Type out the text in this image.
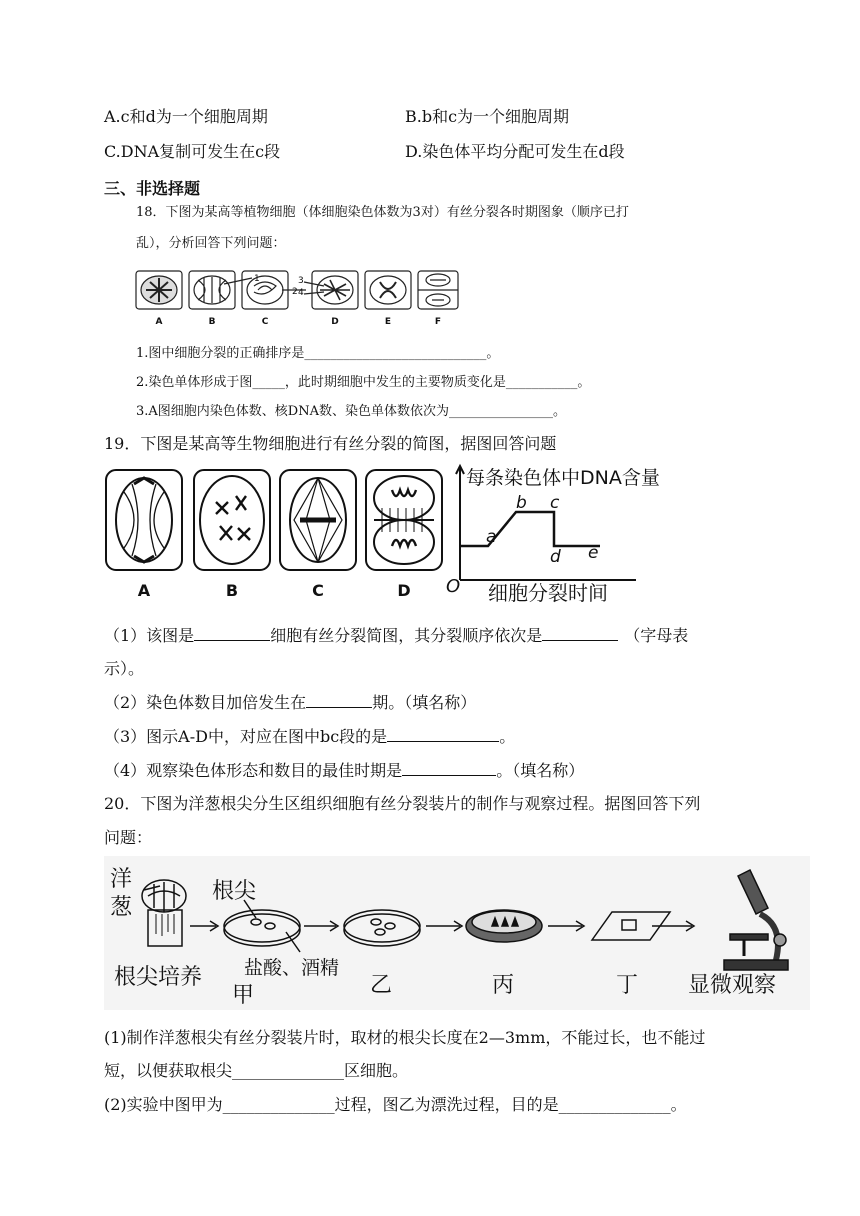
A.c和d为一个细胞周期	B.b和c为一个细胞周期
C.DNA复制可发生在c段	D.染色体平均分配可发生在d段
三、非选择题
18．下图为某高等植物细胞（体细胞染色体数为3对）有丝分裂各时期图象（顺序已打
乱），分析回答下列问题：
A	B	C	D	E	F
1
2
3
4
1.图中细胞分裂的正确排序是____________________________。
2.染色单体形成于图_____，此时期细胞中发生的主要物质变化是___________。
3.A图细胞内染色体数、核DNA数、染色单体数依次为________________。
19．下图是某高等生物细胞进行有丝分裂的简图，据图回答问题
A	B	C	D
每条染色体中DNA含量
细胞分裂时间
O
a
b c
d e
（1）该图是	细胞有丝分裂简图，其分裂顺序依次是	（字母表
示）。
（2）染色体数目加倍发生在	期。（填名称）
（3）图示A-D中，对应在图中bc段的是	。
（4）观察染色体形态和数目的最佳时期是	。（填名称）
20．下图为洋葱根尖分生区组织细胞有丝分裂装片的制作与观察过程。据图回答下列
问题：
洋
葱
根尖
根尖培养 盐酸、酒精
甲	乙	丙	丁 显微观察
(1)制作洋葱根尖有丝分裂装片时，取材的根尖长度在2—3mm，不能过长，也不能过
短，以便获取根尖______________区细胞。
(2)实验中图甲为______________过程，图乙为漂洗过程，目的是______________。
